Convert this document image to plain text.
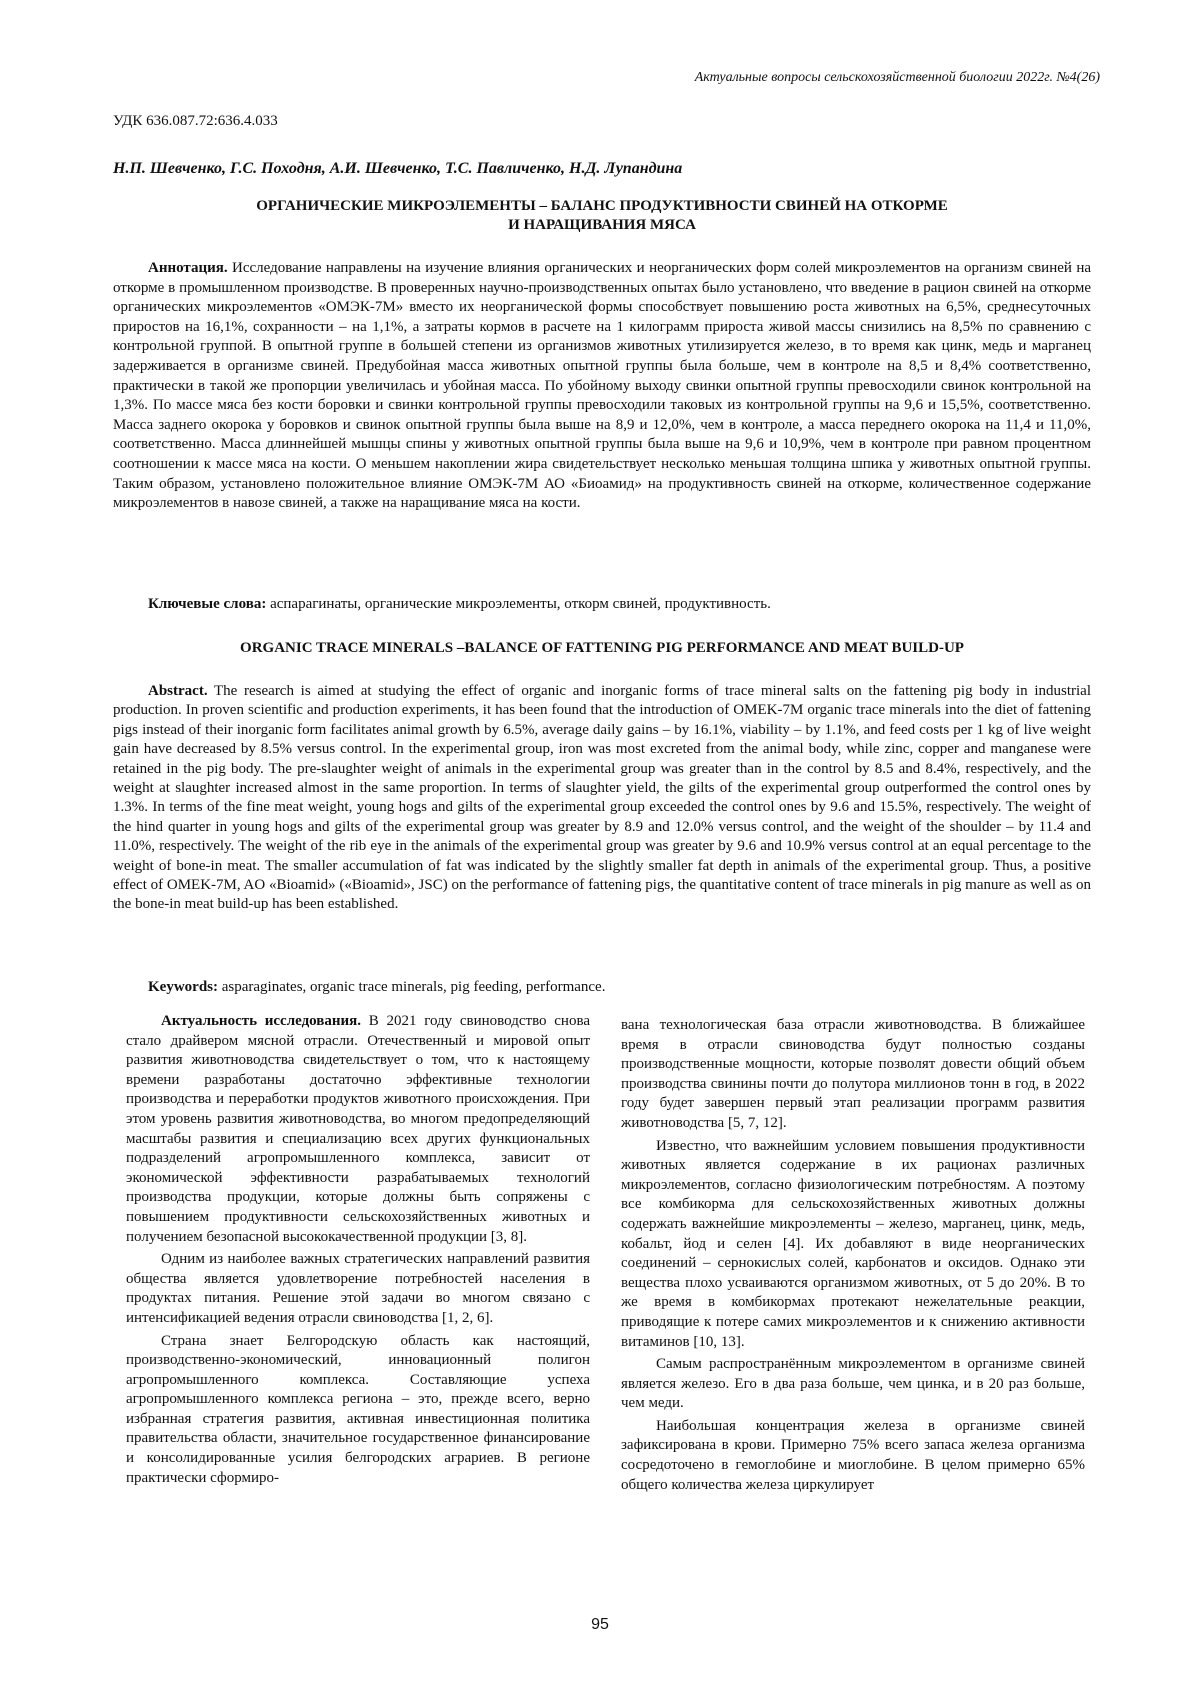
Актуальные вопросы сельскохозяйственной биологии 2022г. №4(26)
УДК 636.087.72:636.4.033
Н.П. Шевченко, Г.С. Походня, А.И. Шевченко, Т.С. Павличенко, Н.Д. Лупандина
ОРГАНИЧЕСКИЕ МИКРОЭЛЕМЕНТЫ – БАЛАНС ПРОДУКТИВНОСТИ СВИНЕЙ НА ОТКОРМЕ
И НАРАЩИВАНИЯ МЯСА

Аннотация. Исследование направлены на изучение влияния органических и неорганических форм солей микроэлементов на организм свиней на откорме в промышленном производстве. В проверенных научно-производственных опытах было установлено, что введение в рацион свиней на откорме органических микроэлементов «ОМЭК-7М» вместо их неорганической формы способствует повышению роста животных на 6,5%, среднесуточных приростов на 16,1%, сохранности – на 1,1%, а затраты кормов в расчете на 1 килограмм прироста живой массы снизились на 8,5% по сравнению с контрольной группой. В опытной группе в большей степени из организмов животных утилизируется железо, в то время как цинк, медь и марганец задерживается в организме свиней. Предубойная масса животных опытной группы была больше, чем в контроле на 8,5 и 8,4% соответственно, практически в такой же пропорции увеличилась и убойная масса. По убойному выходу свинки опытной группы превосходили свинок контрольной на 1,3%. По массе мяса без кости боровки и свинки контрольной группы превосходили таковых из контрольной группы на 9,6 и 15,5%, соответственно. Масса заднего окорока у боровков и свинок опытной группы была выше на 8,9 и 12,0%, чем в контроле, а масса переднего окорока на 11,4 и 11,0%, соответственно. Масса длиннейшей мышцы спины у животных опытной группы была выше на 9,6 и 10,9%, чем в контроле при равном процентном соотношении к массе мяса на кости. О меньшем накоплении жира свидетельствует несколько меньшая толщина шпика у животных опытной группы. Таким образом, установлено положительное влияние ОМЭК-7М АО «Биоамид» на продуктивность свиней на откорме, количественное содержание микроэлементов в навозе свиней, а также на наращивание мяса на кости.

Ключевые слова: аспарагинаты, органические микроэлементы, откорм свиней, продуктивность.

ORGANIC TRACE MINERALS –BALANCE OF FATTENING PIG PERFORMANCE AND MEAT BUILD-UP

Abstract. The research is aimed at studying the effect of organic and inorganic forms of trace mineral salts on the fattening pig body in industrial production. In proven scientific and production experiments, it has been found that the introduction of OMEK-7M organic trace minerals into the diet of fattening pigs instead of their inorganic form facilitates animal growth by 6.5%, average daily gains – by 16.1%, viability – by 1.1%, and feed costs per 1 kg of live weight gain have decreased by 8.5% versus control. In the experimental group, iron was most excreted from the animal body, while zinc, copper and manganese were retained in the pig body. The pre-slaughter weight of animals in the experimental group was greater than in the control by 8.5 and 8.4%, respectively, and the weight at slaughter increased almost in the same proportion. In terms of slaughter yield, the gilts of the experimental group outperformed the control ones by 1.3%. In terms of the fine meat weight, young hogs and gilts of the experimental group exceeded the control ones by 9.6 and 15.5%, respectively. The weight of the hind quarter in young hogs and gilts of the experimental group was greater by 8.9 and 12.0% versus control, and the weight of the shoulder – by 11.4 and 11.0%, respectively. The weight of the rib eye in the animals of the experimental group was greater by 9.6 and 10.9% versus control at an equal percentage to the weight of bone-in meat. The smaller accumulation of fat was indicated by the slightly smaller fat depth in animals of the experimental group. Thus, a positive effect of OMEK-7M, AO «Bioamid» («Bioamid», JSC) on the performance of fattening pigs, the quantitative content of trace minerals in pig manure as well as on the bone-in meat build-up has been established.

Keywords: asparaginates, organic trace minerals, pig feeding, performance.

Актуальность исследования. В 2021 году свиноводство снова стало драйвером мясной отрасли. Отечественный и мировой опыт развития животноводства свидетельствует о том, что к настоящему времени разработаны достаточно эффективные технологии производства и переработки продуктов животного происхождения. При этом уровень развития животноводства, во многом предопределяющий масштабы развития и специализацию всех других функциональных подразделений агропромышленного комплекса, зависит от экономической эффективности разрабатываемых технологий производства продукции, которые должны быть сопряжены с повышением продуктивности сельскохозяйственных животных и получением безопасной высококачественной продукции [3, 8].

Одним из наиболее важных стратегических направлений развития общества является удовлетворение потребностей населения в продуктах питания. Решение этой задачи во многом связано с интенсификацией ведения отрасли свиноводства [1, 2, 6].

Страна знает Белгородскую область как настоящий, производственно-экономический, инновационный полигон агропромышленного комплекса. Составляющие успеха агропромышленного комплекса региона – это, прежде всего, верно избранная стратегия развития, активная инвестиционная политика правительства области, значительное государственное финансирование и консолидированные усилия белгородских аграриев. В регионе практически сформиро-

вана технологическая база отрасли животноводства. В ближайшее время в отрасли свиноводства будут полностью созданы производственные мощности, которые позволят довести общий объем производства свинины почти до полутора миллионов тонн в год, в 2022 году будет завершен первый этап реализации программ развития животноводства [5, 7, 12].

Известно, что важнейшим условием повышения продуктивности животных является содержание в их рационах различных микроэлементов, согласно физиологическим потребностям. А поэтому все комбикорма для сельскохозяйственных животных должны содержать важнейшие микроэлементы – железо, марганец, цинк, медь, кобальт, йод и селен [4]. Их добавляют в виде неорганических соединений – сернокислых солей, карбонатов и оксидов. Однако эти вещества плохо усваиваются организмом животных, от 5 до 20%. В то же время в комбикормах протекают нежелательные реакции, приводящие к потере самих микроэлементов и к снижению активности витаминов [10, 13].

Самым распространённым микроэлементом в организме свиней является железо. Его в два раза больше, чем цинка, и в 20 раз больше, чем меди.

Наибольшая концентрация железа в организме свиней зафиксирована в крови. Примерно 75% всего запаса железа организма сосредоточено в гемоглобине и миоглобине. В целом примерно 65% общего количества железа циркулирует

95
